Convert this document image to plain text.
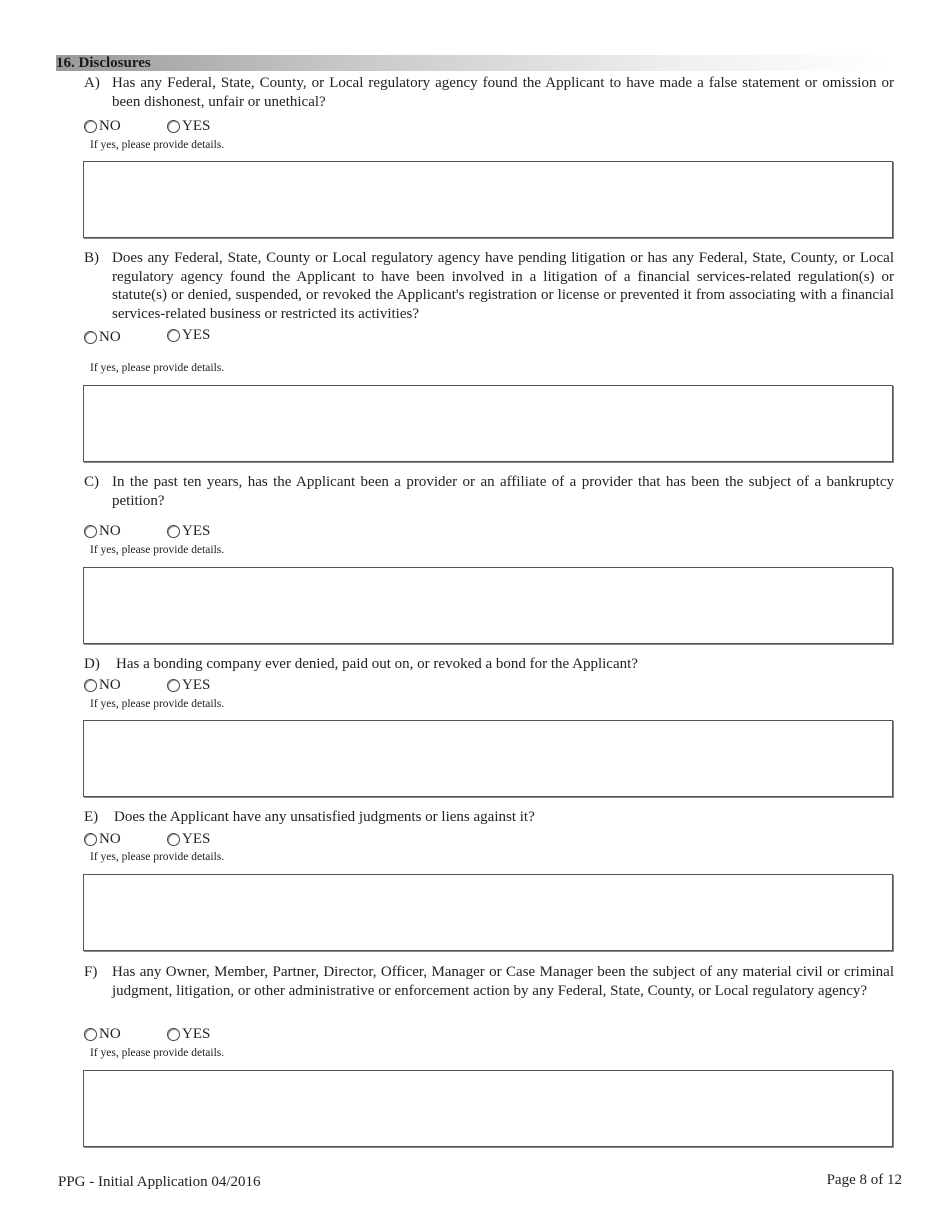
16. Disclosures
A) Has any Federal, State, County, or Local regulatory agency found the Applicant to have made a false statement or omission or been dishonest, unfair or unethical?
NO	YES
If yes, please provide details.
B) Does any Federal, State, County or Local regulatory agency have pending litigation or has any Federal, State, County, or Local regulatory agency found the Applicant to have been involved in a litigation of a financial services-related regulation(s) or statute(s) or denied, suspended, or revoked the Applicant's registration or license or prevented it from associating with a financial services-related business or restricted its activities?
NO	YES
If yes, please provide details.
C) In the past ten years, has the Applicant been a provider or an affiliate of a provider that has been the subject of a bankruptcy petition?
NO	YES
If yes, please provide details.
D)	Has a bonding company ever denied, paid out on, or revoked a bond for the Applicant?
NO	YES
If yes, please provide details.
E)	Does the Applicant have any unsatisfied judgments or liens against it?
NO	YES
If yes, please provide details.
F) Has any Owner, Member, Partner, Director, Officer, Manager or Case Manager been the subject of any material civil or criminal judgment, litigation, or other administrative or enforcement action by any Federal, State, County, or Local regulatory agency?
NO	YES
If yes, please provide details.
PPG - Initial Application 04/2016	Page 8 of 12
